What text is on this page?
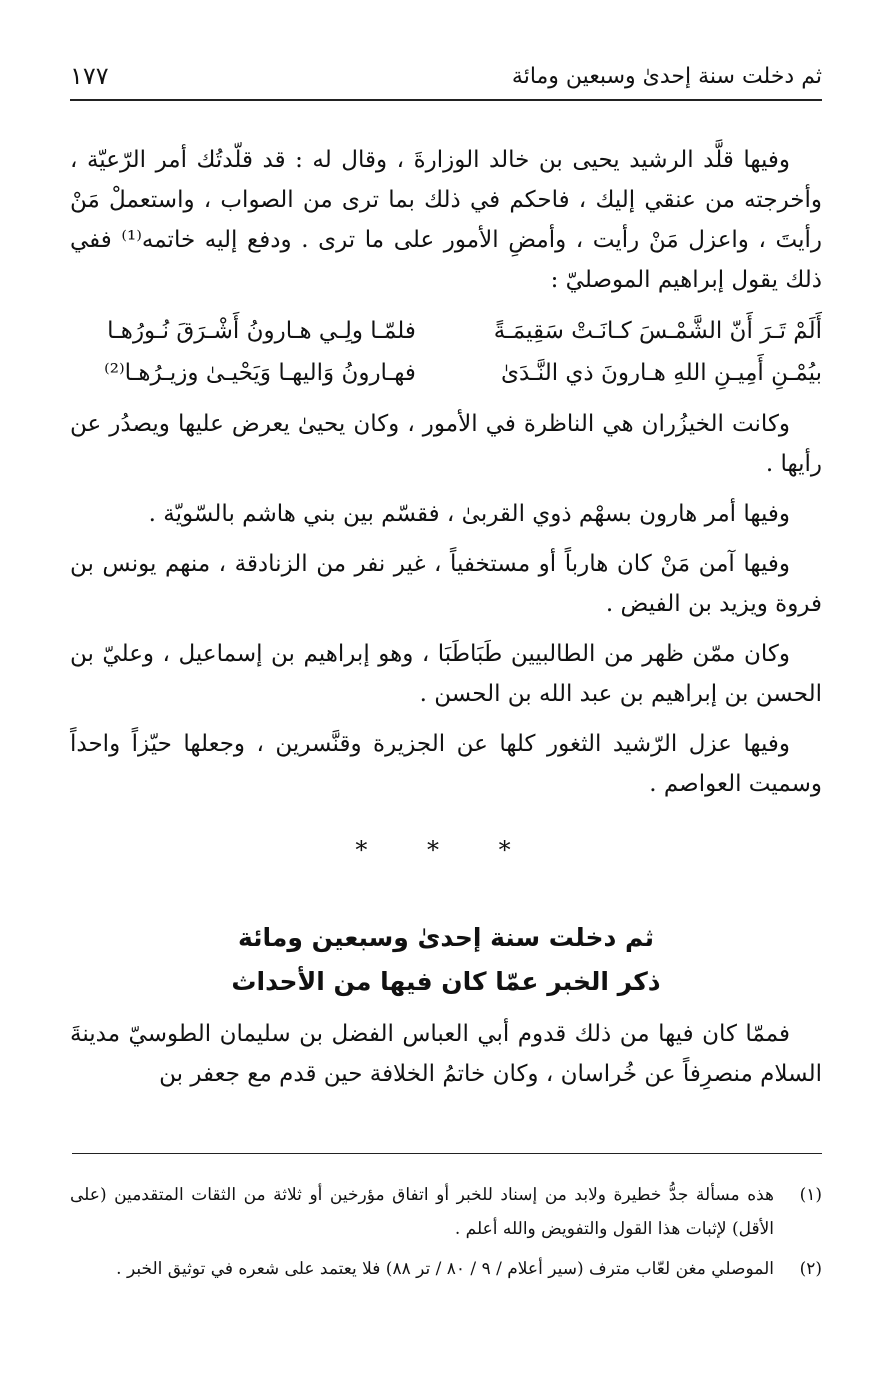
ثم دخلت سنة إحدىٰ وسبعين ومائة
١٧٧

وفيها قلَّد الرشيد يحيى بن خالد الوزارةَ ، وقال له : قد قلّدتُك أمر الرّعيّة ، وأخرجته من عنقي إليك ، فاحكم في ذلك بما ترى من الصواب ، واستعملْ مَنْ رأيتَ ، واعزل مَنْ رأيت ، وأمضِ الأمور على ما ترى . ودفع إليه خاتمه⁽¹⁾ ففي ذلك يقول إبراهيم الموصليّ :

أَلَمْ تَـرَ أَنّ الشَّمْـسَ كـانَـتْ سَقِيمَـةً
فلمّـا ولِـي هـارونُ أَشْـرَقَ نُـورُهـا
بيُمْـنِ أَمِيـنِ اللهِ هـارونَ ذي النَّـدَىٰ
فهـارونُ وَاليهـا وَيَحْيـىٰ وزيـرُهـا⁽²⁾

وكانت الخيزُران هي الناظرة في الأمور ، وكان يحيىٰ يعرض عليها ويصدُر عن رأيها .

وفيها أمر هارون بسهْم ذوي القربىٰ ، فقسّم بين بني هاشم بالسّويّة .

وفيها آمن مَنْ كان هارباً أو مستخفياً ، غير نفر من الزنادقة ، منهم يونس بن فروة ويزيد بن الفيض .

وكان ممّن ظهر من الطالبيين طَبَاطَبَا ، وهو إبراهيم بن إسماعيل ، وعليّ بن الحسن بن إبراهيم بن عبد الله بن الحسن .

وفيها عزل الرّشيد الثغور كلها عن الجزيرة وقنَّسرين ، وجعلها حيّزاً واحداً وسميت العواصم .

* * *
ثم دخلت سنة إحدىٰ وسبعين ومائة
ذكر الخبر عمّا كان فيها من الأحداث

فممّا كان فيها من ذلك قدوم أبي العباس الفضل بن سليمان الطوسيّ مدينةَ السلام منصرِفاً عن خُراسان ، وكان خاتمُ الخلافة حين قدم مع جعفر بن

(١)
هذه مسألة جدُّ خطيرة ولابد من إسناد للخبر أو اتفاق مؤرخين أو ثلاثة من الثقات المتقدمين (على الأقل) لإثبات هذا القول والتفويض والله أعلم .
(٢)
الموصلي مغن لعّاب مترف (سير أعلام / ٩ / ٨٠ / تر ٨٨) فلا يعتمد على شعره في توثيق الخبر .
